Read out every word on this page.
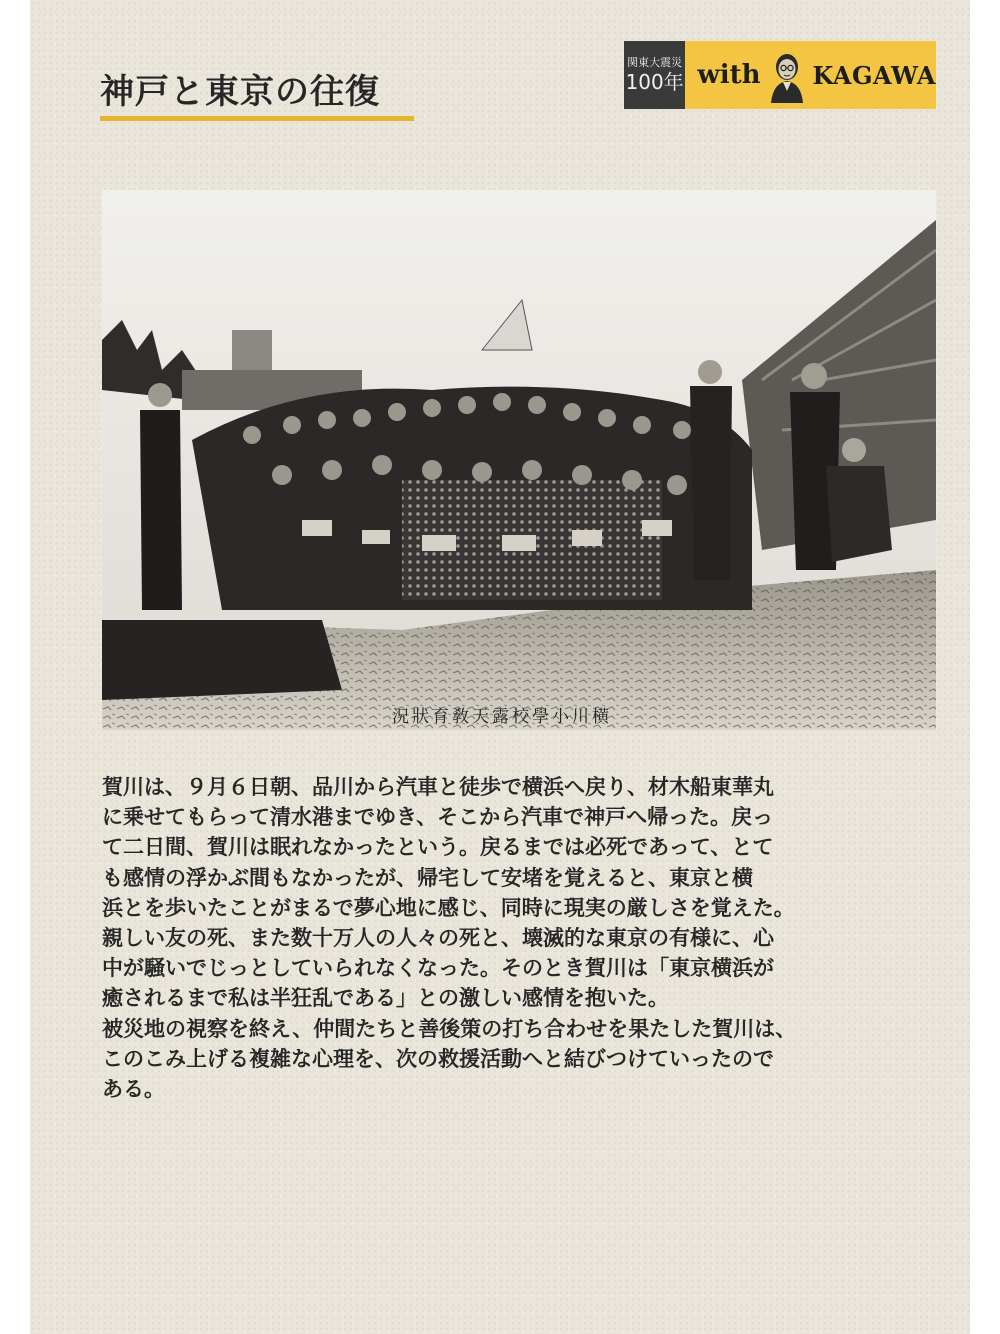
神戸と東京の往復
関東大震災
100年 with KAGAWA
況狀育敎天露校學小川横

賀川は、９月６日朝、品川から汽車と徒歩で横浜へ戻り、材木船東華丸

に乗せてもらって清水港までゆき、そこから汽車で神戸へ帰った。戻っ

て二日間、賀川は眠れなかったという。戻るまでは必死であって、とて

も感情の浮かぶ間もなかったが、帰宅して安堵を覚えると、東京と横

浜とを歩いたことがまるで夢心地に感じ、同時に現実の厳しさを覚えた。

親しい友の死、また数十万人の人々の死と、壊滅的な東京の有様に、心

中が騒いでじっとしていられなくなった。そのとき賀川は「東京横浜が

癒されるまで私は半狂乱である」との激しい感情を抱いた。

被災地の視察を終え、仲間たちと善後策の打ち合わせを果たした賀川は、

このこみ上げる複雑な心理を、次の救援活動へと結びつけていったので

ある。
